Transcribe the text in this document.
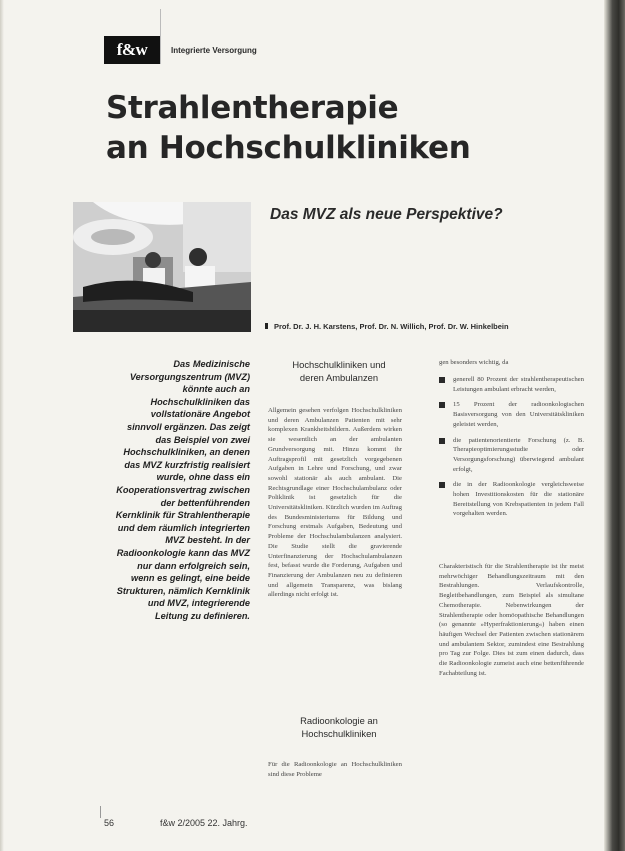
f&w	Integrierte Versorgung
Strahlentherapie
an Hochschulkliniken
Das MVZ als neue Perspektive?
Prof. Dr. J. H. Karstens, Prof. Dr. N. Willich, Prof. Dr. W. Hinkelbein

Das Medizinische Versorgungszentrum (MVZ) könnte auch an Hochschulkliniken das vollstationäre Angebot sinnvoll ergänzen. Das zeigt das Beispiel von zwei Hochschulkliniken, an denen das MVZ kurzfristig realisiert wurde, ohne dass ein Kooperationsvertrag zwischen der bettenführenden Kernklinik für Strahlentherapie und dem räumlich integrierten MVZ besteht. In der Radioonkologie kann das MVZ nur dann erfolgreich sein, wenn es gelingt, eine beide Strukturen, nämlich Kernklinik und MVZ, integrierende Leitung zu definieren.

Hochschulkliniken und deren Ambulanzen

Allgemein gesehen verfolgen Hochschulkliniken und deren Ambulanzen Patienten mit sehr komplexen Krankheitsbildern. Außerdem wirken sie wesentlich an der ambulanten Grundversorgung mit. Hinzu kommt ihr Auftragsprofil mit gesetzlich vorgegebenen Aufgaben in Lehre und Forschung, und zwar sowohl stationär als auch ambulant. Die Rechtsgrundlage einer Hochschulambulanz oder Poliklinik ist gesetzlich für die Universitätskliniken. Kürzlich wurden im Auftrag des Bundesministeriums für Bildung und Forschung erstmals Aufgaben, Bedeutung und Probleme der Hochschulambulanzen analysiert. Die Studie stellt die gravierende Unterfinanzierung der Hochschulambulanzen fest, befasst wurde die Forderung, Aufgaben und Finanzierung der Ambulanzen neu zu definieren und allgemein Transparenz, was bislang allerdings nicht erfolgt ist.

Radioonkologie an Hochschulkliniken

Für die Radioonkologie an Hochschulkliniken sind diese Probleme
gen besonders wichtig, da
generell 80 Prozent der strahlentherapeutischen Leistungen ambulant erbracht werden,
15 Prozent der radioonkologischen Basisversorgung von den Universitätskliniken geleistet werden,
die patientenorientierte Forschung (z. B. Therapieoptimierungsstudie oder Versorgungsforschung) überwiegend ambulant erfolgt,
die in der Radioonkologie vergleichsweise hohen Investitionskosten für die stationäre Bereitstellung von Krebspatienten in jedem Fall vorgehalten werden.
Charakteristisch für die Strahlentherapie ist ihr meist mehrwöchiger Behandlungszeitraum mit den Bestrahlungen. Verlaufskontrolle, Begleitbehandlungen, zum Beispiel als simultane Chemotherapie. Nebenwirkungen der Strahlentherapie oder homöopathische Behandlungen (so genannte »Hyperfraktionierung«) haben einen häufigen Wechsel der Patienten zwischen stationärem und ambulantem Sektor, zumindest eine Bestrahlung pro Tag zur Folge. Dies ist zum einen dadurch, dass die Radioonkologie zumeist auch eine bettenführende Fachabteilung ist.
56	f&w 2/2005 22. Jahrg.
